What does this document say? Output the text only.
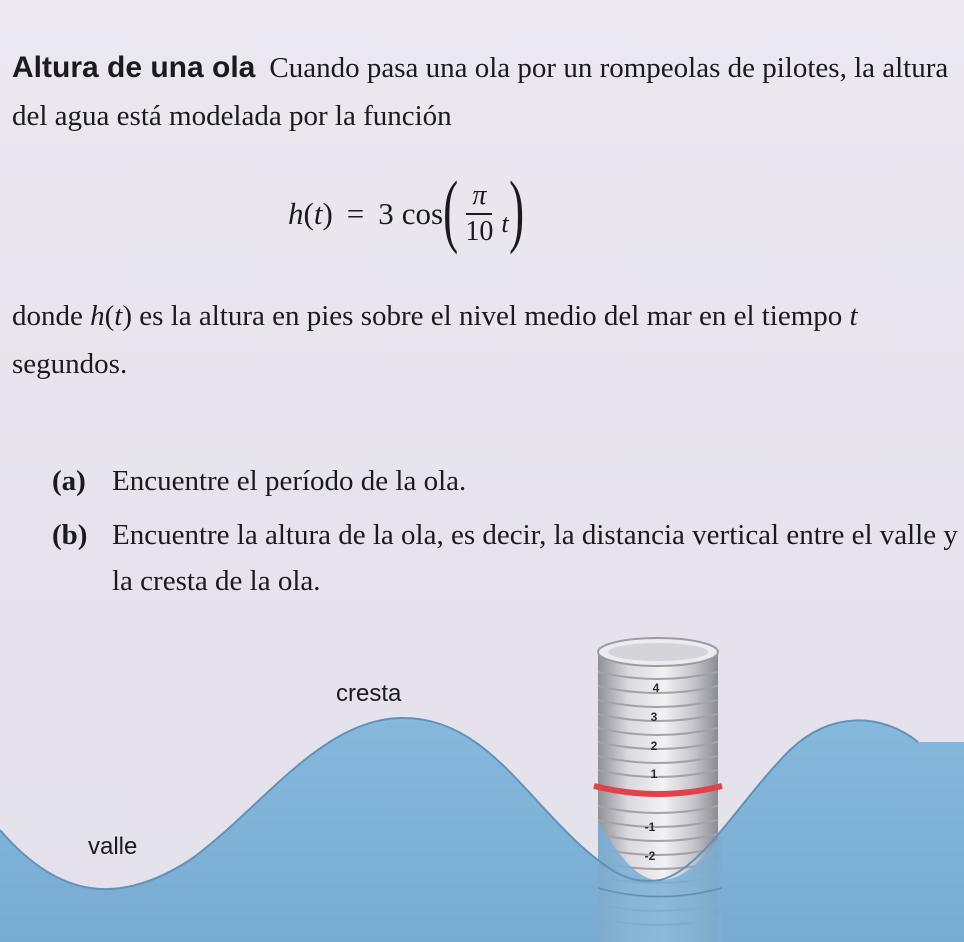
Altura de una ola Cuando pasa una ola por un rompeolas de pilotes, la altura del agua está modelada por la función
h ( t ) = 3 cos ( $\frac{\pi}{10}$ t )
donde h(t) es la altura en pies sobre el nivel medio del mar en el tiempo t segundos.
(a) Encuentre el período de la ola.
(b) Encuentre la altura de la ola, es decir, la distancia vertical entre el valle y la cresta de la ola.
4
3
2
1
-1
-2
cresta
valle
